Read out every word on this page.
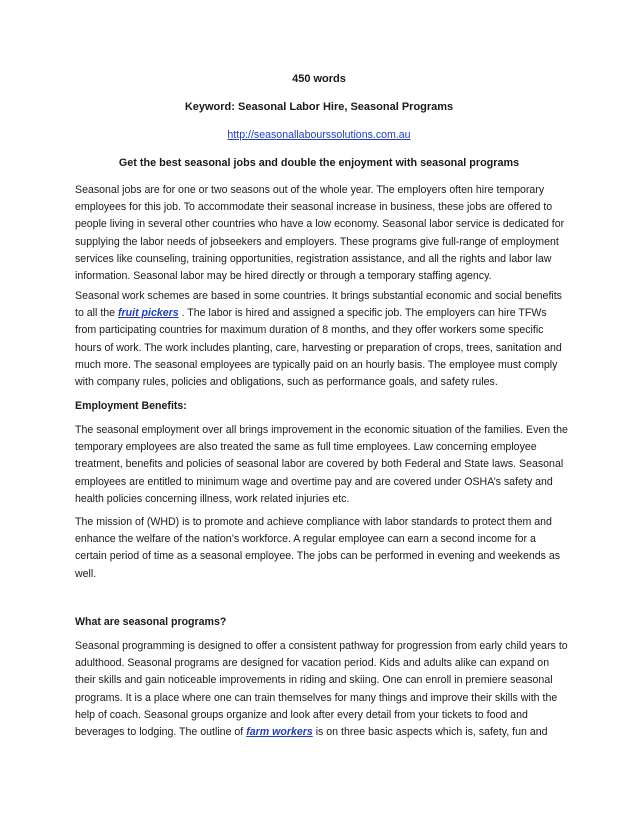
450 words
Keyword: Seasonal Labor Hire, Seasonal Programs
http://seasonallabourssolutions.com.au
Get the best seasonal jobs and double the enjoyment with seasonal programs

Seasonal jobs are for one or two seasons out of the whole year. The employers often hire temporary employees for this job. To accommodate their seasonal increase in business, these jobs are offered to people living in several other countries who have a low economy. Seasonal labor service is dedicated for supplying the labor needs of jobseekers and employers. These programs give full-range of employment services like counseling, training opportunities, registration assistance, and all the rights and labor law information. Seasonal labor may be hired directly or through a temporary staffing agency.

Seasonal work schemes are based in some countries. It brings substantial economic and social benefits to all the fruit pickers . The labor is hired and assigned a specific job. The employers can hire TFWs from participating countries for maximum duration of 8 months, and they offer workers some specific hours of work. The work includes planting, care, harvesting or preparation of crops, trees, sanitation and much more. The seasonal employees are typically paid on an hourly basis. The employee must comply with company rules, policies and obligations, such as performance goals, and safety rules.

Employment Benefits:

The seasonal employment over all brings improvement in the economic situation of the families. Even the temporary employees are also treated the same as full time employees. Law concerning employee treatment, benefits and policies of seasonal labor are covered by both Federal and State laws. Seasonal employees are entitled to minimum wage and overtime pay and are covered under OSHA’s safety and health policies concerning illness, work related injuries etc.

The mission of (WHD) is to promote and achieve compliance with labor standards to protect them and enhance the welfare of the nation’s workforce. A regular employee can earn a second income for a certain period of time as a seasonal employee. The jobs can be performed in evening and weekends as well.

What are seasonal programs?

Seasonal programming is designed to offer a consistent pathway for progression from early child years to adulthood. Seasonal programs are designed for vacation period. Kids and adults alike can expand on their skills and gain noticeable improvements in riding and skiing. One can enroll in premiere seasonal programs. It is a place where one can train themselves for many things and improve their skills with the help of coach. Seasonal groups organize and look after every detail from your tickets to food and beverages to lodging. The outline of farm workers is on three basic aspects which is, safety, fun and
